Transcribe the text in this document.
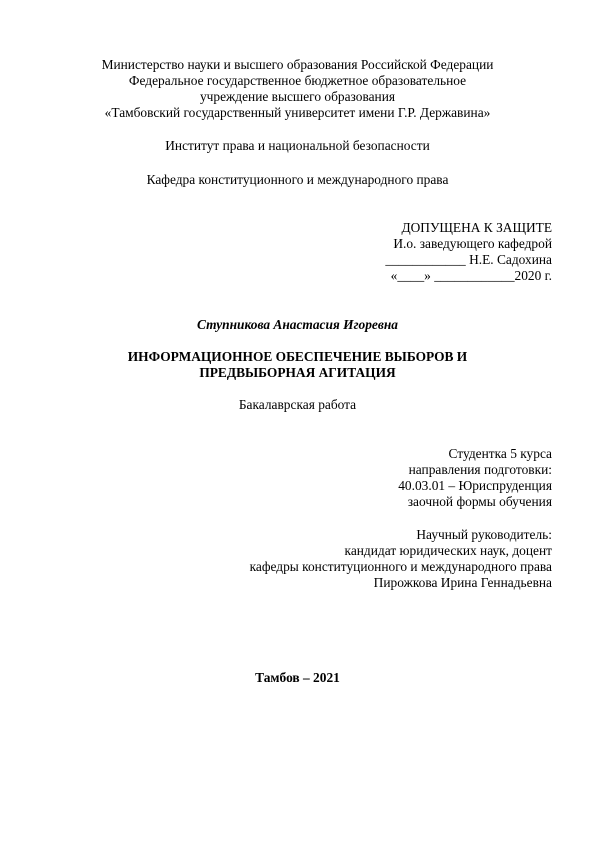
Министерство науки и высшего образования Российской Федерации
Федеральное государственное бюджетное образовательное
учреждение высшего образования
«Тамбовский государственный университет имени Г.Р. Державина»
Институт права и национальной безопасности
Кафедра конституционного и международного права
ДОПУЩЕНА К ЗАЩИТЕ
И.о. заведующего кафедрой
____________ Н.Е. Садохина
«____» ____________2020 г.
Ступникова Анастасия Игоревна
ИНФОРМАЦИОННОЕ ОБЕСПЕЧЕНИЕ ВЫБОРОВ И
ПРЕДВЫБОРНАЯ АГИТАЦИЯ
Бакалаврская работа
Студентка 5 курса
направления подготовки:
40.03.01 – Юриспруденция
заочной формы обучения
Научный руководитель:
кандидат юридических наук, доцент
кафедры конституционного и международного права
Пирожкова Ирина Геннадьевна
Тамбов – 2021
